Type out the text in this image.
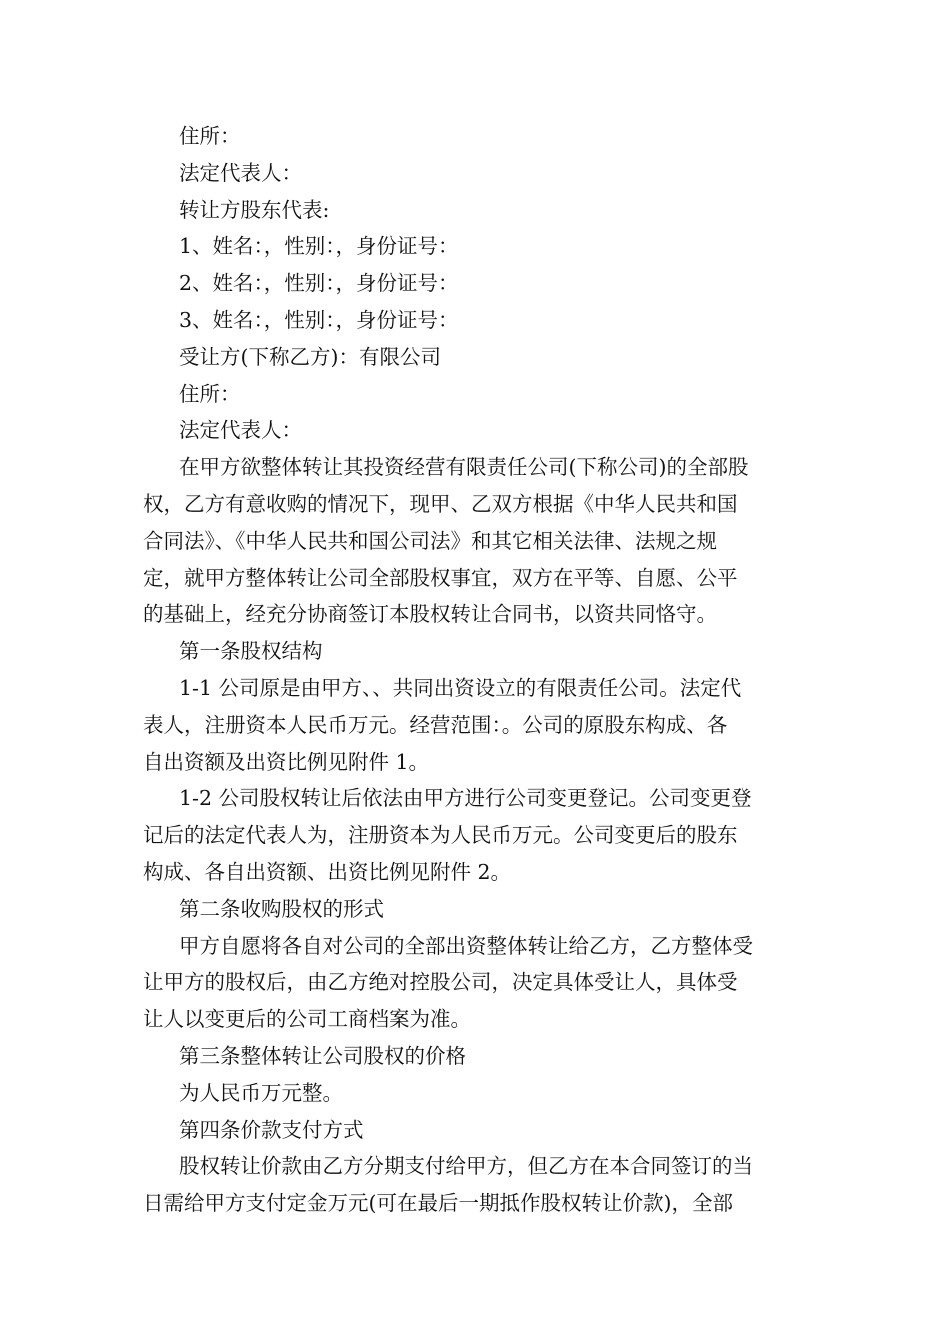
住所：
法定代表人：
转让方股东代表:
1、姓名：，性别：，身份证号：
2、姓名：，性别：，身份证号：
3、姓名：，性别：，身份证号：
受让方(下称乙方)：有限公司
住所：
法定代表人：
在甲方欲整体转让其投资经营有限责任公司(下称公司)的全部股
权，乙方有意收购的情况下，现甲、乙双方根据《中华人民共和国
合同法》、《中华人民共和国公司法》和其它相关法律、法规之规
定，就甲方整体转让公司全部股权事宜，双方在平等、自愿、公平
的基础上，经充分协商签订本股权转让合同书，以资共同恪守。
第一条股权结构
1-1 公司原是由甲方、、共同出资设立的有限责任公司。法定代
表人，注册资本人民币万元。经营范围：。公司的原股东构成、各
自出资额及出资比例见附件 1。
1-2 公司股权转让后依法由甲方进行公司变更登记。公司变更登
记后的法定代表人为，注册资本为人民币万元。公司变更后的股东
构成、各自出资额、出资比例见附件 2。
第二条收购股权的形式
甲方自愿将各自对公司的全部出资整体转让给乙方，乙方整体受
让甲方的股权后，由乙方绝对控股公司，决定具体受让人，具体受
让人以变更后的公司工商档案为准。
第三条整体转让公司股权的价格
为人民币万元整。
第四条价款支付方式
股权转让价款由乙方分期支付给甲方，但乙方在本合同签订的当
日需给甲方支付定金万元(可在最后一期抵作股权转让价款)，全部
